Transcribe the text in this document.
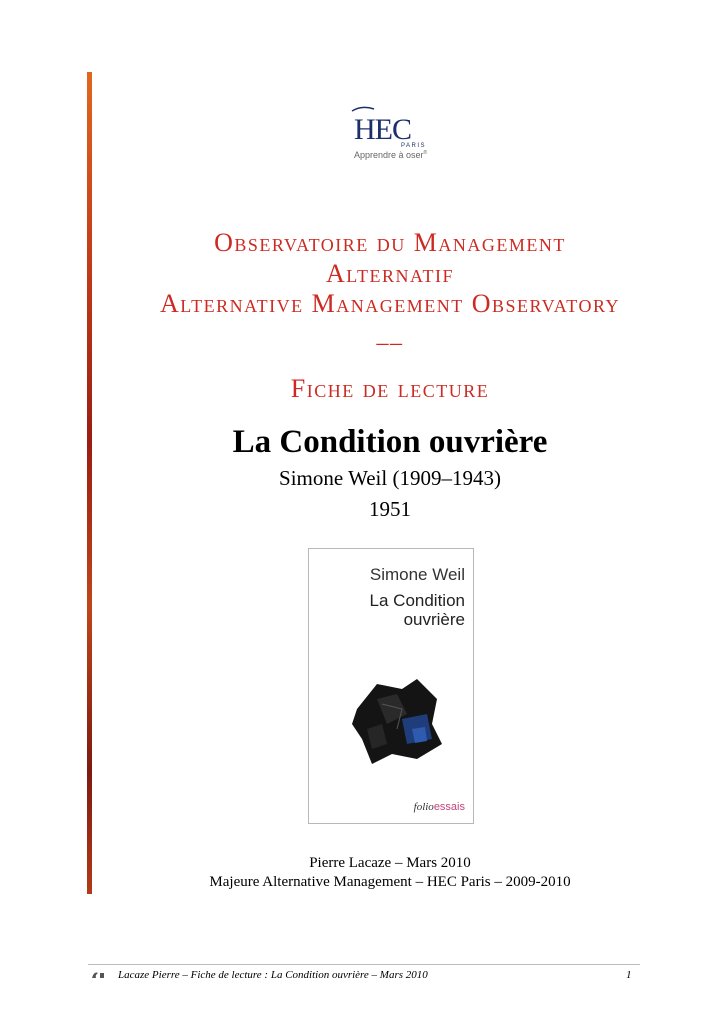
HEC
PARIS
Apprendre à oser®
Observatoire du Management
Alternatif
Alternative Management Observatory
__
Fiche de lecture
La Condition ouvrière
Simone Weil (1909–1943)
1951
Simone Weil
La Condition
ouvrière
folioessais
Pierre Lacaze – Mars 2010
Majeure Alternative Management – HEC Paris – 2009-2010
Lacaze Pierre – Fiche de lecture : La Condition ouvrière – Mars 2010	1
